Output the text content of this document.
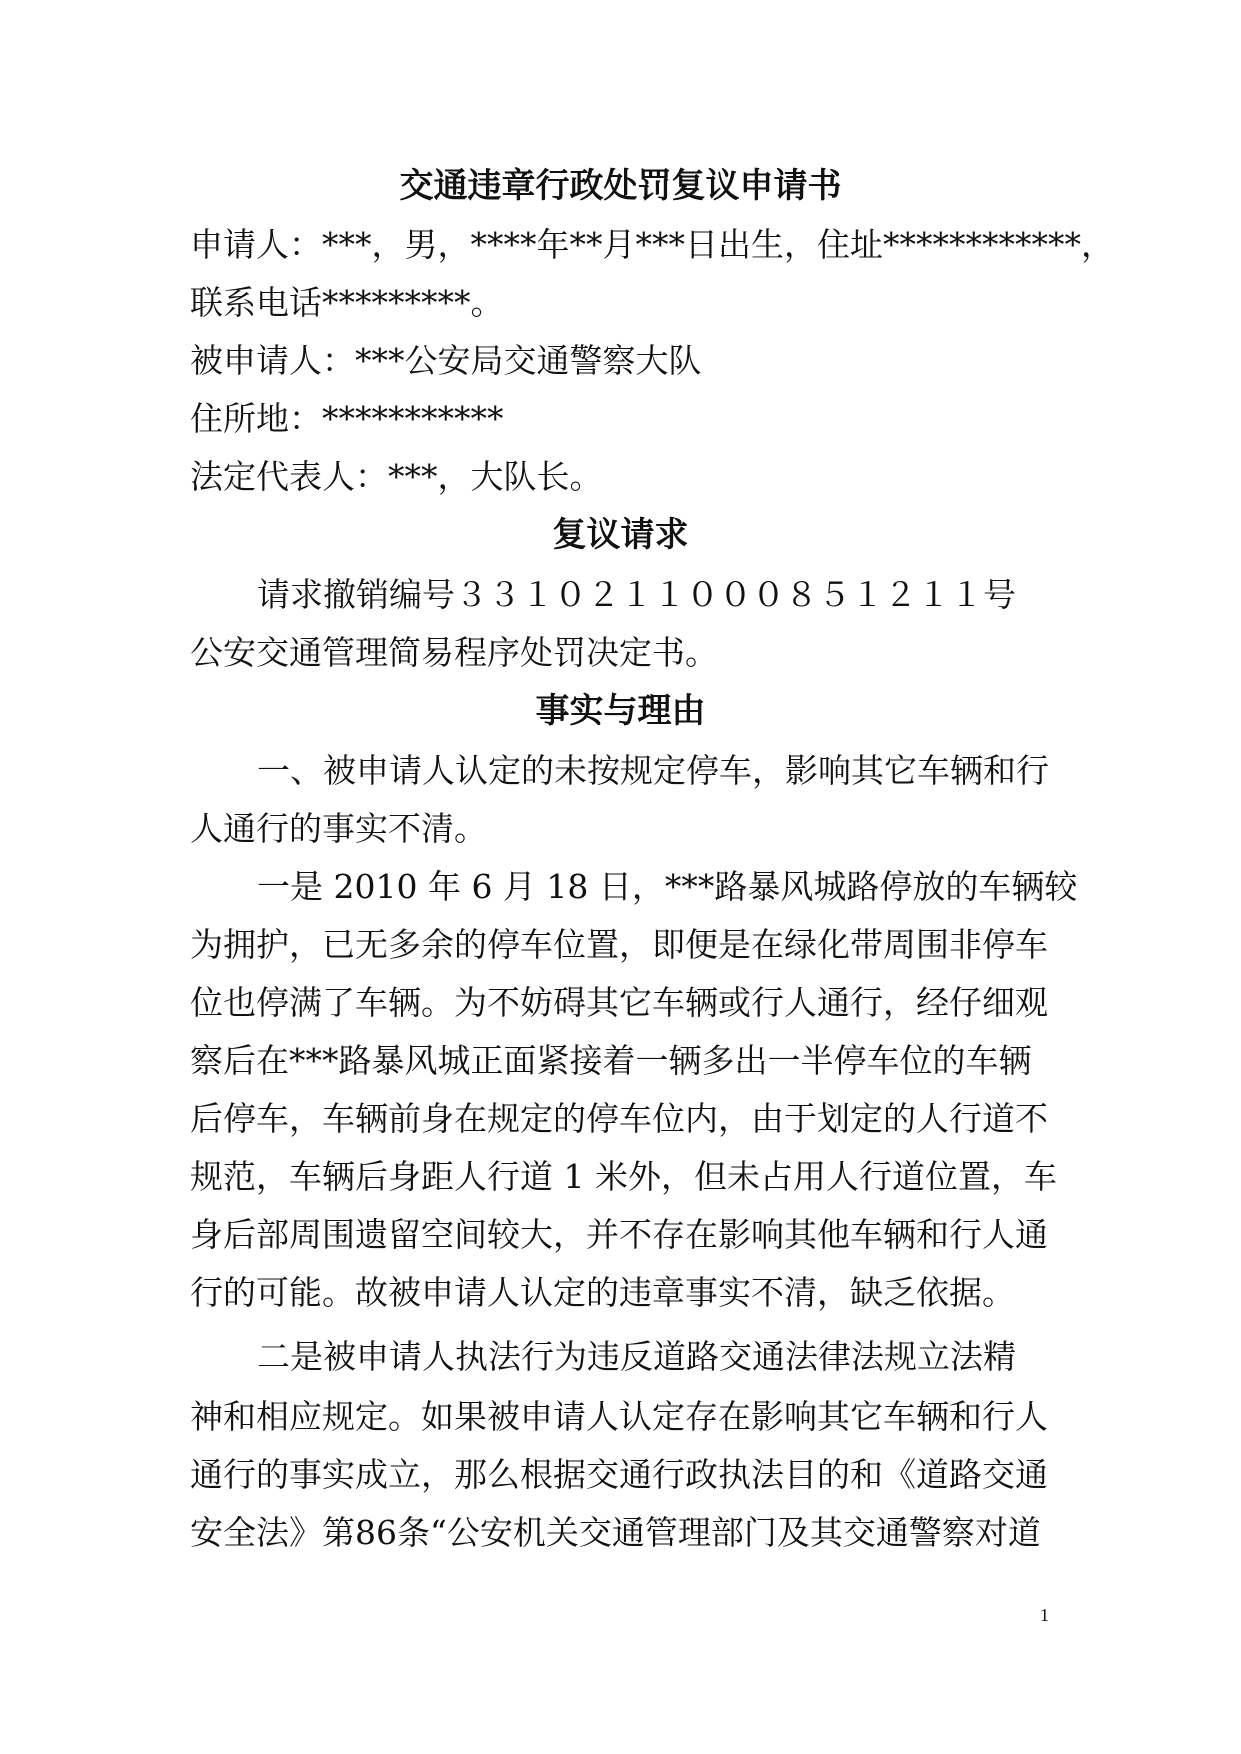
交通违章行政处罚复议申请书
申请人：***，男，****年**月***日出生，住址************，
联系电话*********。
被申请人：***公安局交通警察大队
住所地：***********
法定代表人：***，大队长。
复议请求
请求撤销编号３３１０２１１０００８５１２１１号
公安交通管理简易程序处罚决定书。
事实与理由
一、被申请人认定的未按规定停车，影响其它车辆和行
人通行的事实不清。
一是 2010 年 6 月 18 日，***路暴风城路停放的车辆较
为拥护，已无多余的停车位置，即便是在绿化带周围非停车
位也停满了车辆。为不妨碍其它车辆或行人通行，经仔细观
察后在***路暴风城正面紧接着一辆多出一半停车位的车辆
后停车，车辆前身在规定的停车位内，由于划定的人行道不
规范，车辆后身距人行道 1 米外，但未占用人行道位置，车
身后部周围遗留空间较大，并不存在影响其他车辆和行人通
行的可能。故被申请人认定的违章事实不清，缺乏依据。
二是被申请人执法行为违反道路交通法律法规立法精
神和相应规定。如果被申请人认定存在影响其它车辆和行人
通行的事实成立，那么根据交通行政执法目的和《道路交通
安全法》第86条“公安机关交通管理部门及其交通警察对道
1
